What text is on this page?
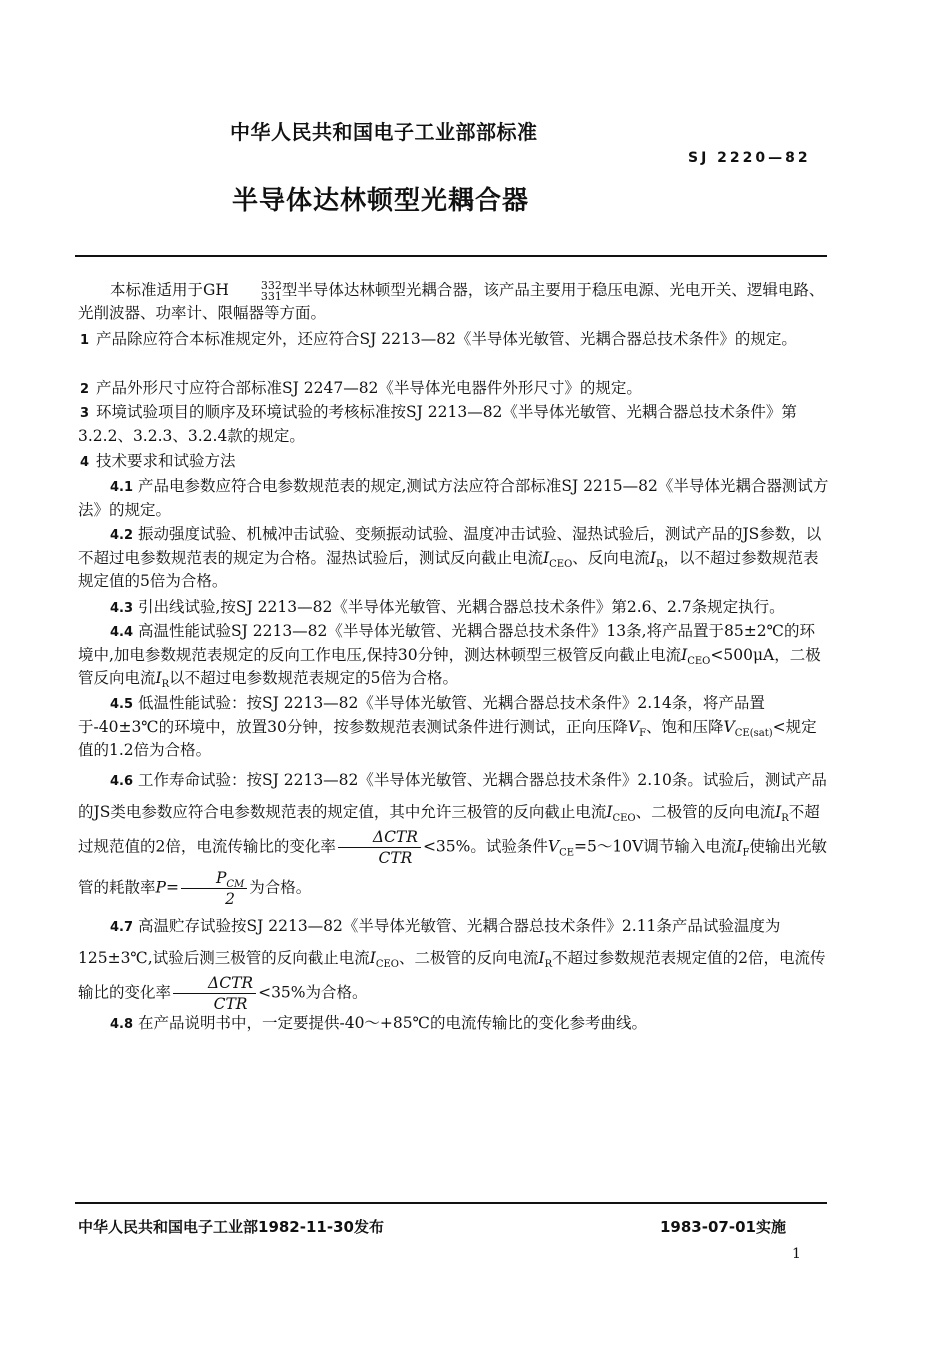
中华人民共和国电子工业部部标准
SJ 2220—82
半导体达林顿型光耦合器

本标准适用于GH	332
331 型半导体达林顿型光耦合器，该产品主要用于稳压电源、光电开关、逻辑电路、光削波器、功率计、限幅器等方面。

1 产品除应符合本标准规定外，还应符合SJ 2213—82《半导体光敏管、光耦合器总技术条件》的规定。

2 产品外形尺寸应符合部标准SJ 2247—82《半导体光电器件外形尺寸》的规定。

3 环境试验项目的顺序及环境试验的考核标准按SJ 2213—82《半导体光敏管、光耦合器总技术条件》第3.2.2、3.2.3、3.2.4款的规定。

4 技术要求和试验方法

4.1 产品电参数应符合电参数规范表的规定,测试方法应符合部标准SJ 2215—82《半导体光耦合器测试方法》的规定。

4.2 振动强度试验、机械冲击试验、变频振动试验、温度冲击试验、湿热试验后，测试产品的JS参数，以不超过电参数规范表的规定为合格。湿热试验后，测试反向截止电流$I_{CEO}$、反向电流$I_R$，以不超过参数规范表规定值的5倍为合格。

4.3 引出线试验,按SJ 2213—82《半导体光敏管、光耦合器总技术条件》第2.6、2.7条规定执行。

4.4 高温性能试验SJ 2213—82《半导体光敏管、光耦合器总技术条件》13条,将产品置于85±2℃的环境中,加电参数规范表规定的反向工作电压,保持30分钟，测达林顿型三极管反向截止电流$I_{CEO}<500\mu A$，二极管反向电流$I_R$以不超过电参数规范表规定的5倍为合格。

4.5 低温性能试验：按SJ 2213—82《半导体光敏管、光耦合器总技术条件》2.14条，将产品置于-40±3℃的环境中，放置30分钟，按参数规范表测试条件进行测试，正向压降$V_F$、饱和压降$V_{CE(sat)}<$规定值的1.2倍为合格。

4.6 工作寿命试验：按SJ 2213—82《半导体光敏管、光耦合器总技术条件》2.10条。试验后，测试产品的JS类电参数应符合电参数规范表的规定值，其中允许三极管的反向截止电流$I_{CEO}$、二极管的反向电流$I_R$不超过规范值的2倍，电流传输比的变化率 $\frac{\text{ΔCTR}}{\text{CTR}} <35\%$。试验条件$V_{CE}=5\sim 10V$调节输入电流$I_F$使输出光敏管的耗散率$P= \frac{P_{CM}}{2}$ 为合格。

4.7 高温贮存试验按SJ 2213—82《半导体光敏管、光耦合器总技术条件》2.11条产品试验温度为125±3℃,试验后测三极管的反向截止电流$I_{CEO}$、二极管的反向电流$I_R$不超过参数规范表规定值的2倍，电流传输比的变化率 $\frac{\text{ΔCTR}}{\text{CTR}} <35\%$为合格。

4.8 在产品说明书中，一定要提供-40～+85℃的电流传输比的变化参考曲线。

中华人民共和国电子工业部1982-11-30发布	1983-07-01实施
1
